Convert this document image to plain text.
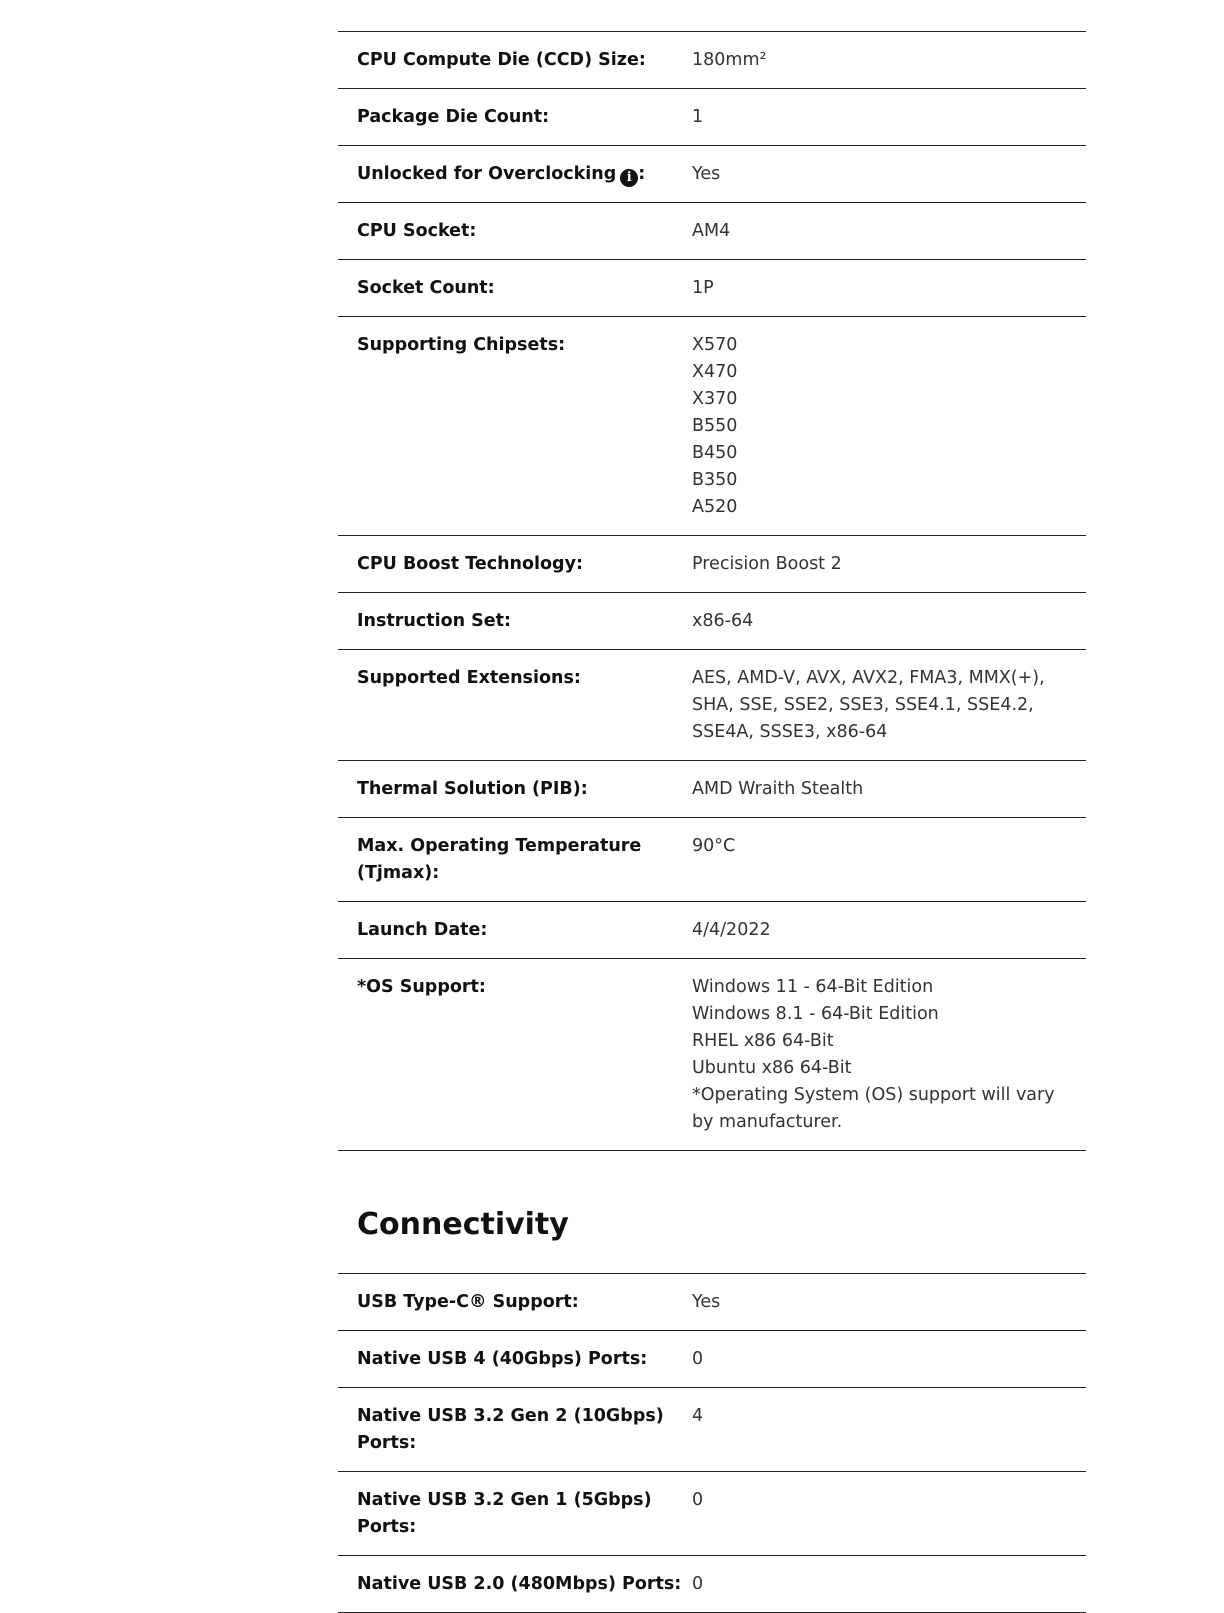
CPU Compute Die (CCD) Size:	180mm²
Package Die Count:	1
Unlocked for Overclocking i :	Yes
CPU Socket:	AM4
Socket Count:	1P
Supporting Chipsets:	X570
X470
X370
B550
B450
B350
A520
CPU Boost Technology:	Precision Boost 2
Instruction Set:	x86-64
Supported Extensions:	AES, AMD-V, AVX, AVX2, FMA3, MMX(+), SHA, SSE, SSE2, SSE3, SSE4.1, SSE4.2, SSE4A, SSSE3, x86-64
Thermal Solution (PIB):	AMD Wraith Stealth
Max. Operating Temperature (Tjmax):
90°C
Launch Date:	4/4/2022
*OS Support:	Windows 11 - 64-Bit Edition
Windows 8.1 - 64-Bit Edition
RHEL x86 64-Bit
Ubuntu x86 64-Bit
*Operating System (OS) support will vary by manufacturer.
Connectivity
USB Type-C® Support:	Yes
Native USB 4 (40Gbps) Ports:	0
Native USB 3.2 Gen 2 (10Gbps) Ports:
4
Native USB 3.2 Gen 1 (5Gbps) Ports:
0
Native USB 2.0 (480Mbps) Ports: 0
